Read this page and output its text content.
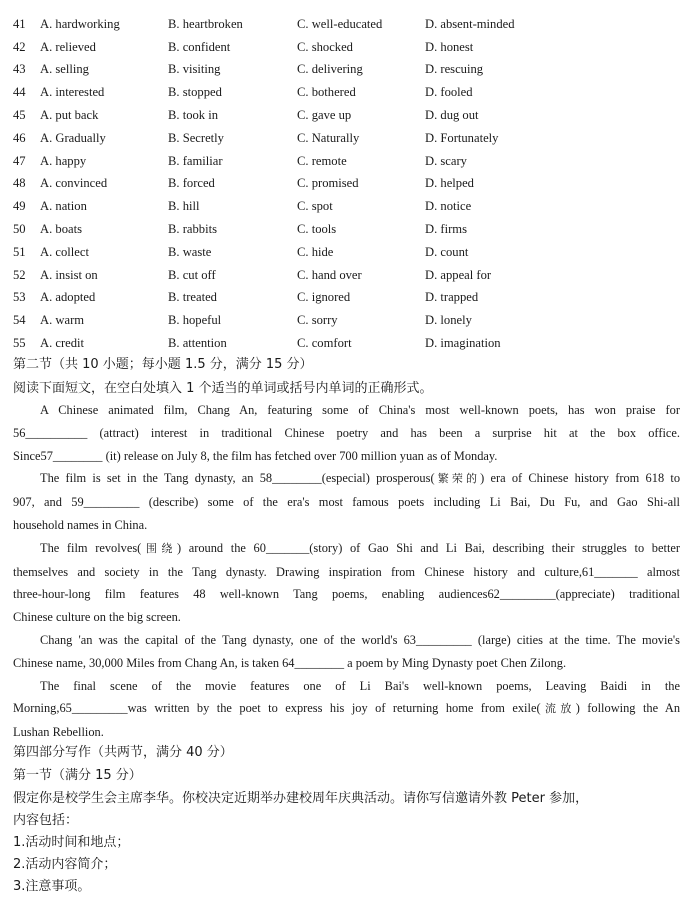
41	A. hardworking	B. heartbroken	C. well-educated	D. absent-minded
42	A. relieved	B. confident	C. shocked	D. honest
43	A. selling	B. visiting	C. delivering	D. rescuing
44	A. interested	B. stopped	C. bothered	D. fooled
45	A. put back	B. took in	C. gave up	D. dug out
46	A. Gradually	B. Secretly	C. Naturally	D. Fortunately
47	A. happy	B. familiar	C. remote	D. scary
48	A. convinced	B. forced	C. promised	D. helped
49	A. nation	B. hill	C. spot	D. notice
50	A. boats	B. rabbits	C. tools	D. firms
51	A. collect	B. waste	C. hide	D. count
52	A. insist on	B. cut off	C. hand over	D. appeal for
53	A. adopted	B. treated	C. ignored	D. trapped
54	A. warm	B. hopeful	C. sorry	D. lonely
55	A. credit	B. attention	C. comfort	D. imagination
第二节（共 10 小题；每小题 1.5 分，满分 15 分）
阅读下面短文，在空白处填入 1 个适当的单词或括号内单词的正确形式。

A Chinese animated film, Chang An, featuring some of China's most well-known poets, has won praise for
56__________ (attract) interest in traditional Chinese poetry and has been a surprise hit at the box office.
Since57________ (it) release on July 8, the film has fetched over 700 million yuan as of Monday.

The film is set in the Tang dynasty, an 58________(especial) prosperous(繁荣的) era of Chinese history from 618 to
907, and 59_________ (describe) some of the era's most famous poets including Li Bai, Du Fu, and Gao Shi-all
household names in China.

The film revolves(围绕) around the 60_______(story) of Gao Shi and Li Bai, describing their struggles to better
themselves and society in the Tang dynasty. Drawing inspiration from Chinese history and culture,61_______ almost
three-hour-long film features 48 well-known Tang poems, enabling audiences62_________(appreciate) traditional
Chinese culture on the big screen.

Chang 'an was the capital of the Tang dynasty, one of the world's 63_________ (large) cities at the time. The movie's
Chinese name, 30,000 Miles from Chang An, is taken 64________ a poem by Ming Dynasty poet Chen Zilong.

The final scene of the movie features one of Li Bai's well-known poems, Leaving Baidi in the
Morning,65_________was written by the poet to express his joy of returning home from exile(流放) following the An
Lushan Rebellion.

第四部分写作（共两节，满分 40 分）
第一节（满分 15 分）
假定你是校学生会主席李华。你校决定近期举办建校周年庆典活动。请你写信邀请外教 Peter 参加，
内容包括：
1.活动时间和地点；
2.活动内容简介；
3.注意事项。
